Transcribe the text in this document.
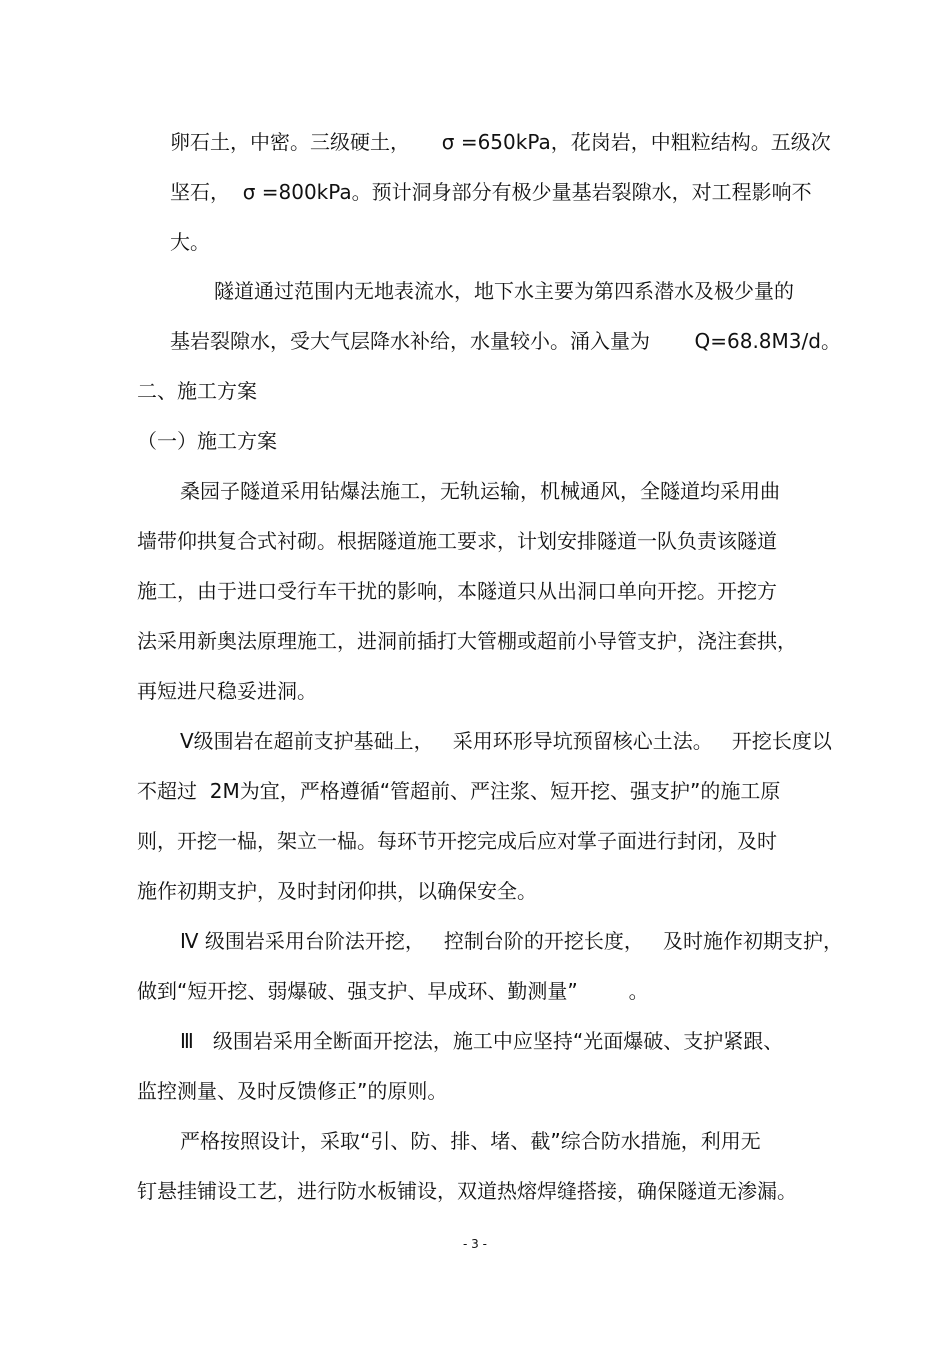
卵石土，中密。三级硬土，     σ =650kPa，花岗岩，中粗粒结构。五级次

坚石，  σ =800kPa。预计洞身部分有极少量基岩裂隙水，对工程影响不

大。

隧道通过范围内无地表流水，地下水主要为第四系潜水及极少量的

基岩裂隙水，受大气层降水补给，水量较小。涌入量为       Q=68.8M3/d。

二、施工方案

（一）施工方案

桑园子隧道采用钻爆法施工，无轨运输，机械通风，全隧道均采用曲

墙带仰拱复合式衬砌。根据隧道施工要求，计划安排隧道一队负责该隧道

施工，由于进口受行车干扰的影响，本隧道只从出洞口单向开挖。开挖方

法采用新奥法原理施工，进洞前插打大管棚或超前小导管支护，浇注套拱，

再短进尺稳妥进洞。

Ⅴ级围岩在超前支护基础上，   采用环形导坑预留核心土法。   开挖长度以

不超过  2M为宜，严格遵循“管超前、严注浆、短开挖、强支护”的施工原

则，开挖一榀，架立一榀。每环节开挖完成后应对掌子面进行封闭，及时

施作初期支护，及时封闭仰拱，以确保安全。

Ⅳ 级围岩采用台阶法开挖，   控制台阶的开挖长度，   及时施作初期支护，

做到“短开挖、弱爆破、强支护、早成环、勤测量”        。

Ⅲ   级围岩采用全断面开挖法，施工中应坚持“光面爆破、支护紧跟、

监控测量、及时反馈修正”的原则。

严格按照设计，采取“引、防、排、堵、截”综合防水措施，利用无

钉悬挂铺设工艺，进行防水板铺设，双道热熔焊缝搭接，确保隧道无渗漏。

- 3 -
